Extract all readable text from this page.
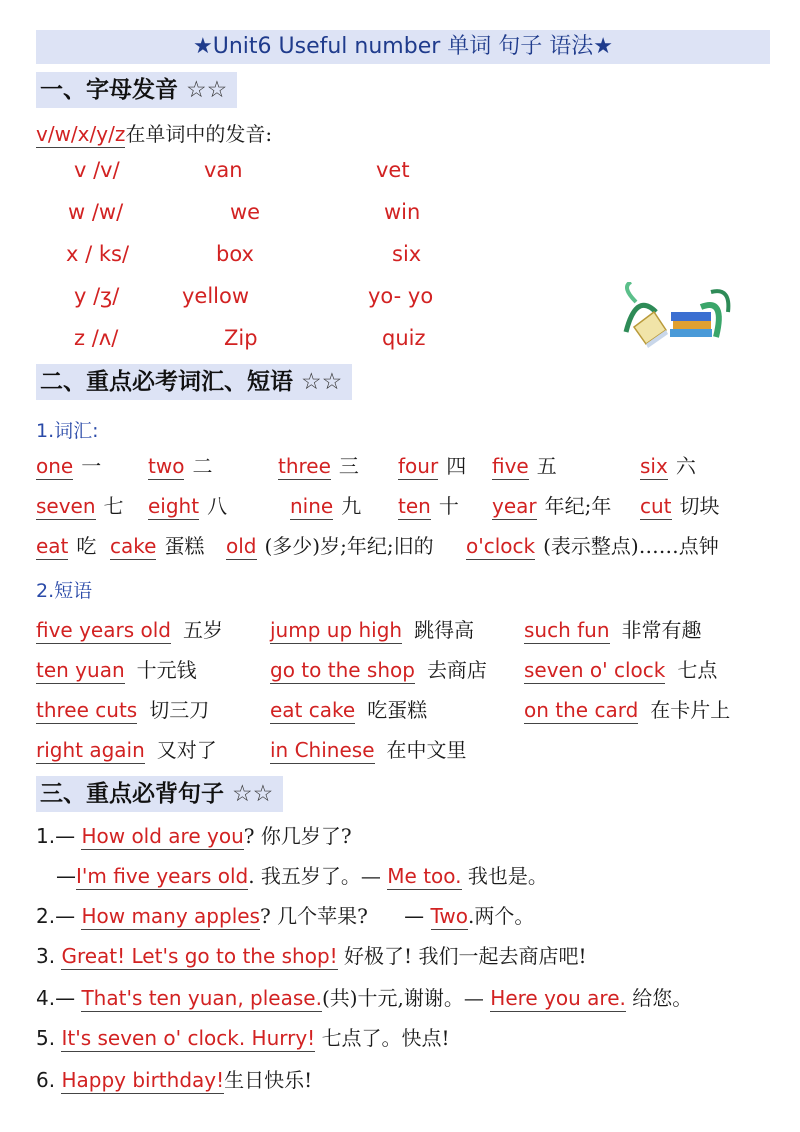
★Unit6 Useful number 单词 句子 语法★
一、字母发音 ☆☆
v/w/x/y/z在单词中的发音:
v /v/	van	vet
w /w/	we	win
x / ks/	box	six
y /ʒ/	yellow	yo- yo
z /ʌ/	Zip	quiz
二、重点必考词汇、短语 ☆☆
1.词汇:
one 一 two 二	three 三 four 四 five 五	six 六
seven 七 eight 八	nine 九 ten 十 year 年纪;年 cut 切块
eat 吃 cake 蛋糕 old (多少)岁;年纪;旧的 o'clock (表示整点)……点钟
2.短语
five years old 五岁 jump up high 跳得高 such fun 非常有趣
ten yuan 十元钱	go to the shop 去商店 seven o' clock 七点
three cuts 切三刀	eat cake 吃蛋糕	on the card 在卡片上
right again 又对了	in Chinese 在中文里
三、重点必背句子 ☆☆
1.— How old are you? 你几岁了?
—I'm five years old. 我五岁了。— Me too. 我也是。
2.— How many apples? 几个苹果? — Two.两个。
3. Great! Let's go to the shop! 好极了! 我们一起去商店吧!
4.— That's ten yuan, please.(共)十元,谢谢。— Here you are. 给您。
5. It's seven o' clock. Hurry! 七点了。快点!
6. Happy birthday!生日快乐!
